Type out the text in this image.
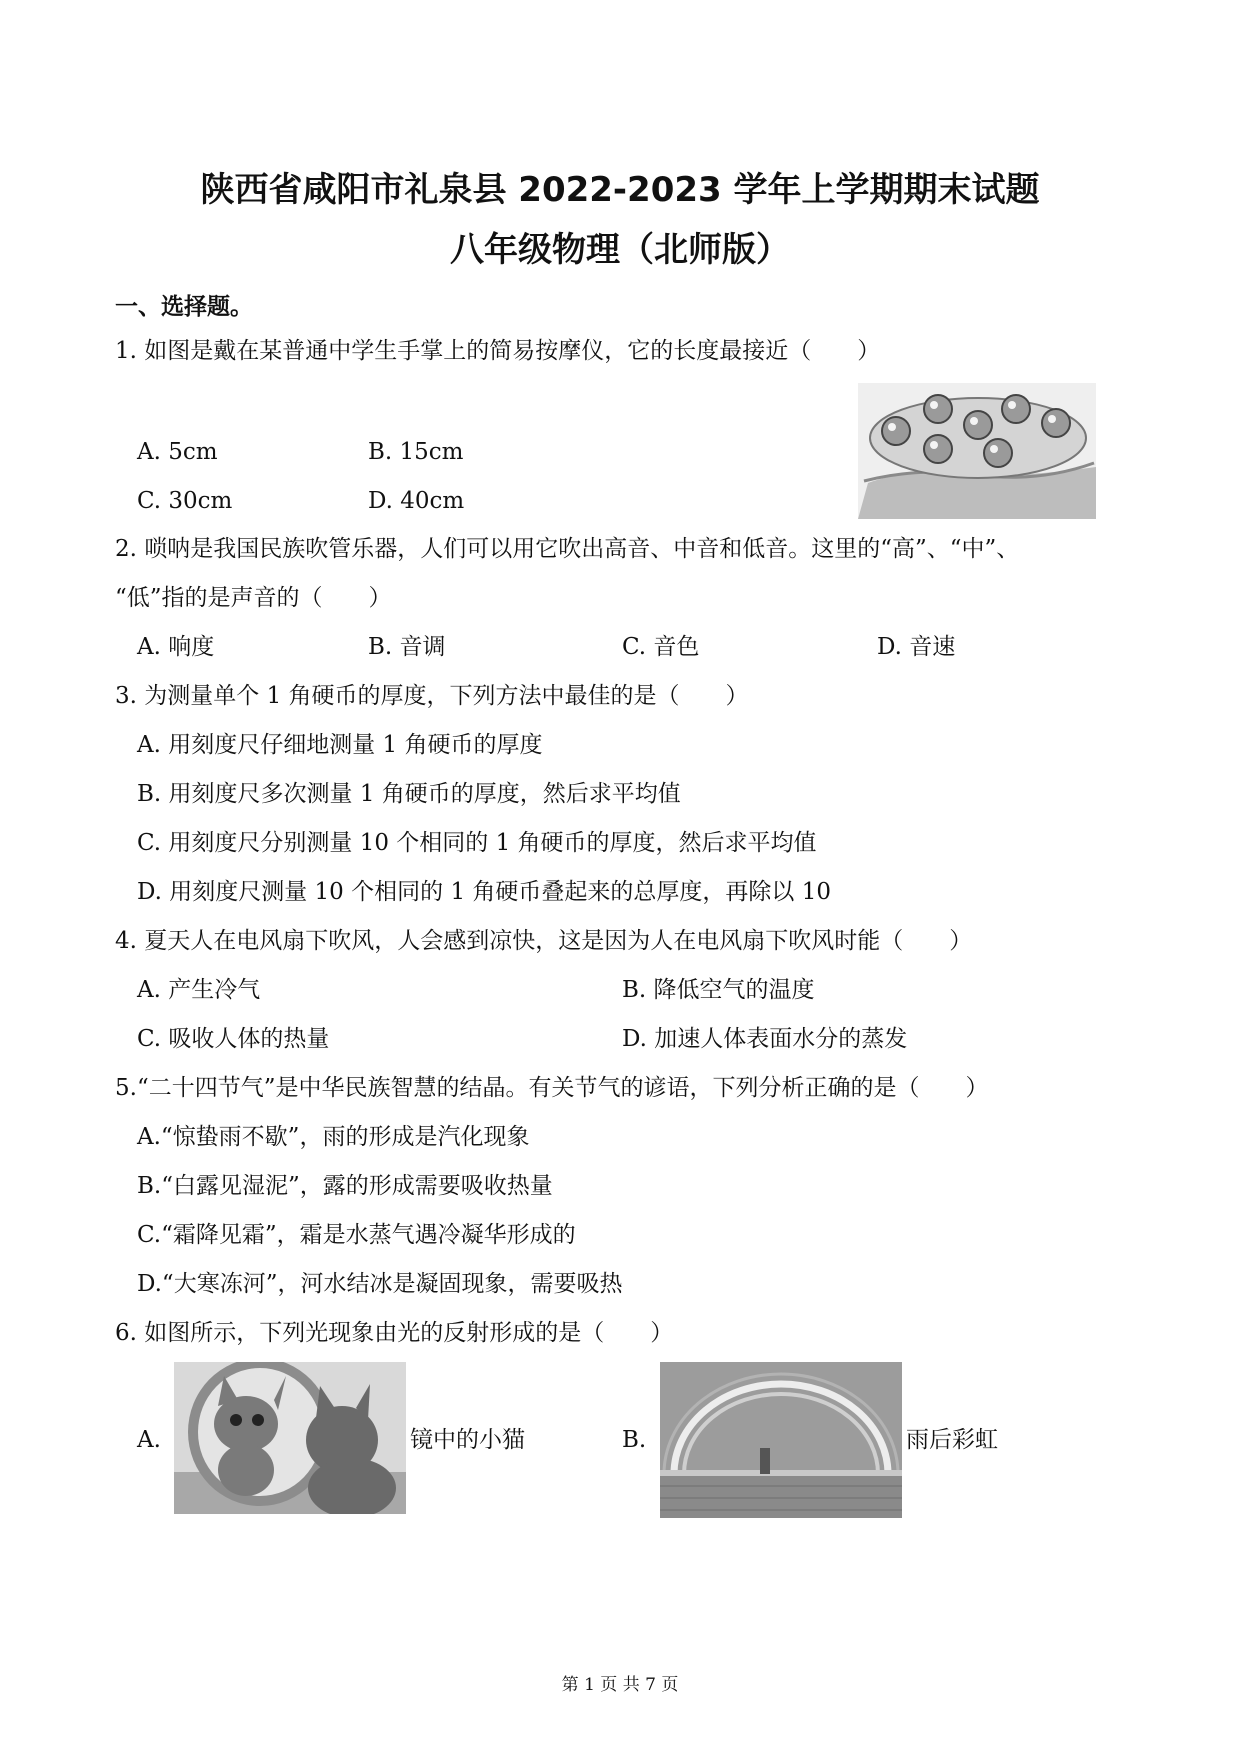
陕西省咸阳市礼泉县 2022-2023 学年上学期期末试题
八年级物理（北师版）
一、选择题。
1. 如图是戴在某普通中学生手掌上的简易按摩仪，它的长度最接近（　　）
A. 5cm	B. 15cm
C. 30cm	D. 40cm
2. 唢呐是我国民族吹管乐器，人们可以用它吹出高音、中音和低音。这里的“高”、“中”、
“低”指的是声音的（　　）
A. 响度	B. 音调	C. 音色	D. 音速
3. 为测量单个 1 角硬币的厚度，下列方法中最佳的是（　　）
A. 用刻度尺仔细地测量 1 角硬币的厚度
B. 用刻度尺多次测量 1 角硬币的厚度，然后求平均值
C. 用刻度尺分别测量 10 个相同的 1 角硬币的厚度，然后求平均值
D. 用刻度尺测量 10 个相同的 1 角硬币叠起来的总厚度，再除以 10
4. 夏天人在电风扇下吹风，人会感到凉快，这是因为人在电风扇下吹风时能（　　）
A. 产生冷气	B. 降低空气的温度
C. 吸收人体的热量	D. 加速人体表面水分的蒸发
5.“二十四节气”是中华民族智慧的结晶。有关节气的谚语，下列分析正确的是（　　）
A.“惊蛰雨不歇”，雨的形成是汽化现象
B.“白露见湿泥”，露的形成需要吸收热量
C.“霜降见霜”，霜是水蒸气遇冷凝华形成的
D.“大寒冻河”，河水结冰是凝固现象，需要吸热
6. 如图所示，下列光现象由光的反射形成的是（　　）
A.	镜中的小猫	B.	雨后彩虹
第 1 页 共 7 页
